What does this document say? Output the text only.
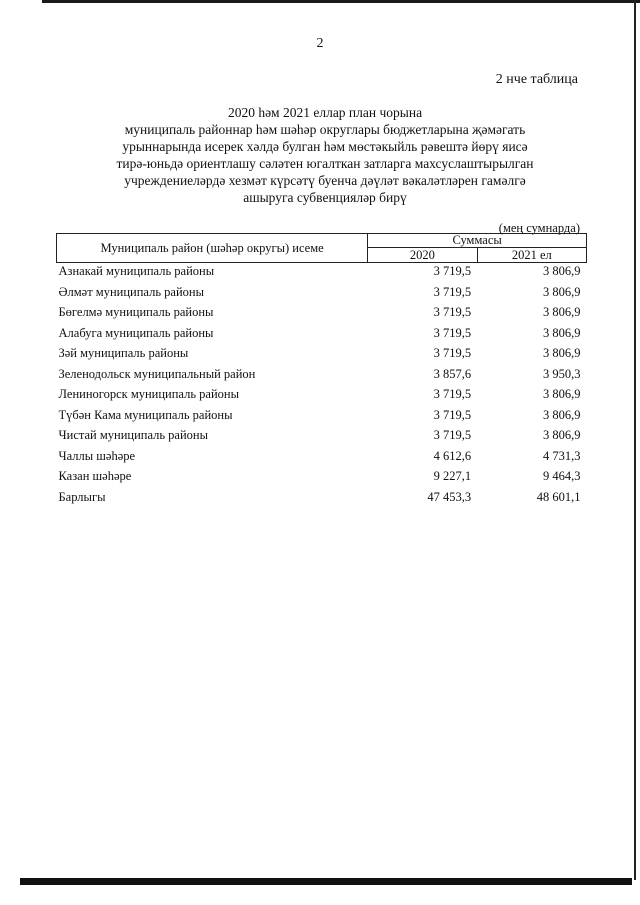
2
2 нче таблица
2020 һәм 2021 еллар план чорына
муниципаль районнар һәм шәһәр округлары бюджетларына җәмәгать
урыннарында исерек хәлдә булган һәм мөстәкыйль рәвештә йөрү яисә
тирә-юньдә ориентлашу сәләтен югалткан затларга махсуслаштырылган
учреждениеләрдә хезмәт күрсәтү буенча дәүләт вәкаләтләрен гамәлгә
ашыруга субвенцияләр бирү
(мең сумнарда)
Муниципаль район (шәһәр округы) исеме	Суммасы	
	2020	2021 ел
Азнакай муниципаль районы	3 719,5	3 806,9
Әлмәт муниципаль районы	3 719,5	3 806,9
Бөгелмә муниципаль районы	3 719,5	3 806,9
Алабуга муниципаль районы	3 719,5	3 806,9
Зәй муниципаль районы	3 719,5	3 806,9
Зеленодольск муниципальный район	3 857,6	3 950,3
Лениногорск муниципаль районы	3 719,5	3 806,9
Түбән Кама муниципаль районы	3 719,5	3 806,9
Чистай муниципаль районы	3 719,5	3 806,9
Чаллы шәһәре	4 612,6	4 731,3
Казан шәһәре	9 227,1	9 464,3
Барлыгы	47 453,3	48 601,1
